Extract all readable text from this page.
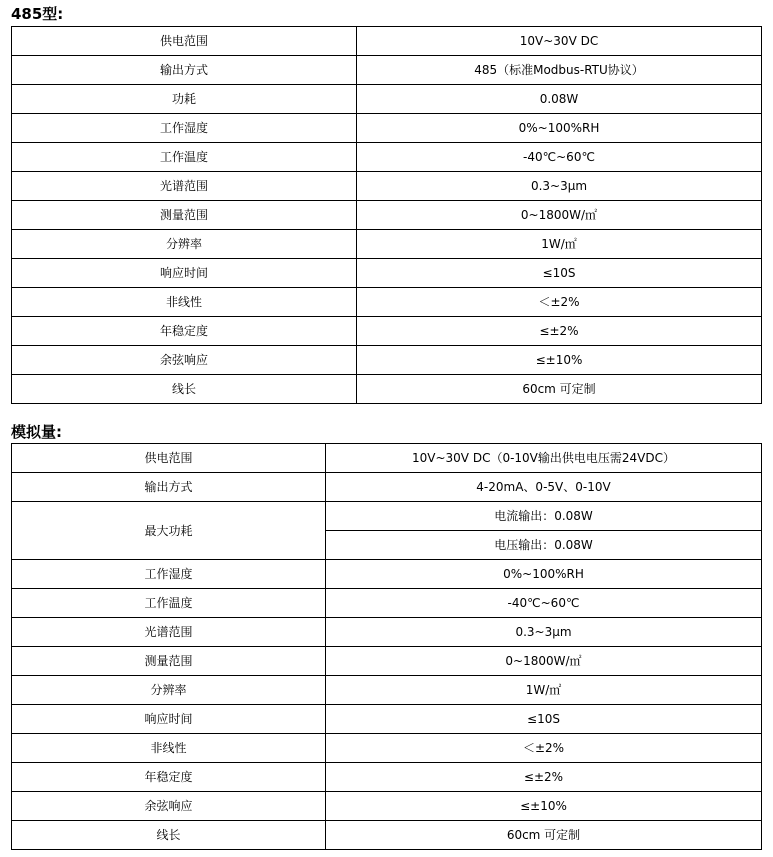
485型:
供电范围	10V~30V DC
输出方式	485（标准Modbus-RTU协议）
功耗	0.08W
工作湿度	0%~100%RH
工作温度	-40℃~60℃
光谱范围	0.3~3μm
测量范围	0~1800W/㎡
分辨率	1W/㎡
响应时间	≤10S
非线性	＜±2%
年稳定度	≤±2%
余弦响应	≤±10%
线长	60cm 可定制
模拟量:
供电范围	10V~30V DC（0-10V输出供电电压需24VDC）
输出方式	4-20mA、0-5V、0-10V
最大功耗	电流输出：0.08W
	电压输出：0.08W
工作湿度	0%~100%RH
工作温度	-40℃~60℃
光谱范围	0.3~3μm
测量范围	0~1800W/㎡
分辨率	1W/㎡
响应时间	≤10S
非线性	＜±2%
年稳定度	≤±2%
余弦响应	≤±10%
线长	60cm 可定制
